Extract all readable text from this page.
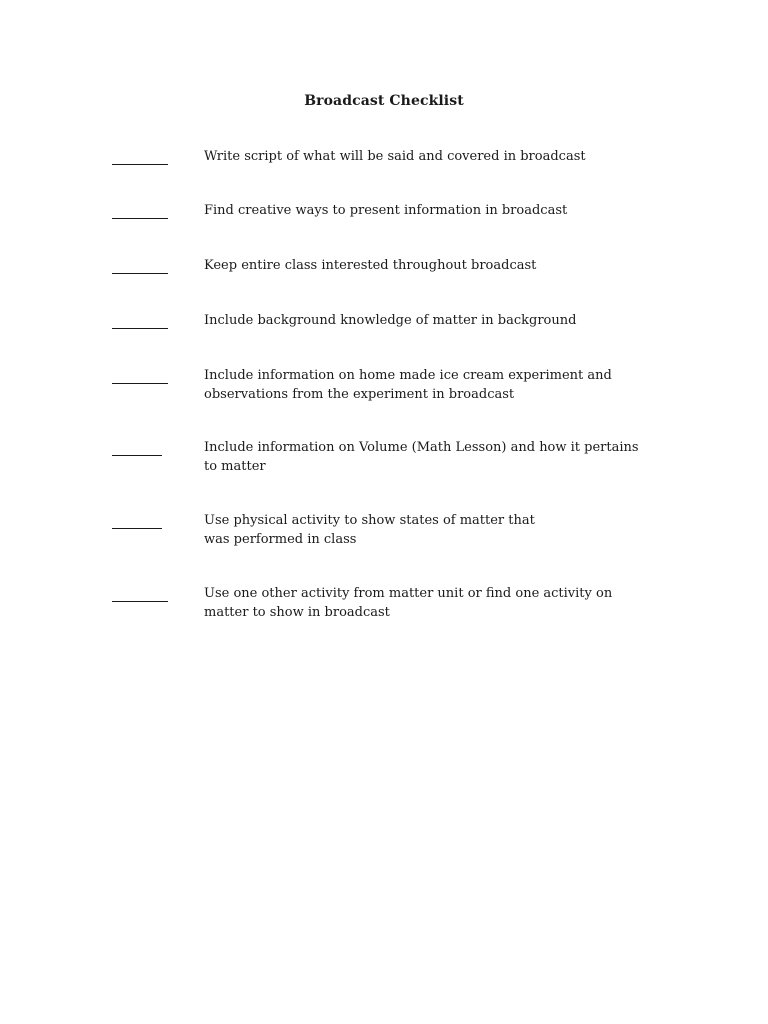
Broadcast Checklist
Write script of what will be said and covered in broadcast
Find creative ways to present information in broadcast
Keep entire class interested throughout broadcast
Include background knowledge of matter in background
Include information on home made ice cream experiment and observations from the experiment in broadcast
Include information on Volume (Math Lesson) and how it pertains to matter
Use physical activity to show states of matter that was performed in class
Use one other activity from matter unit or find one activity on matter to show in broadcast
